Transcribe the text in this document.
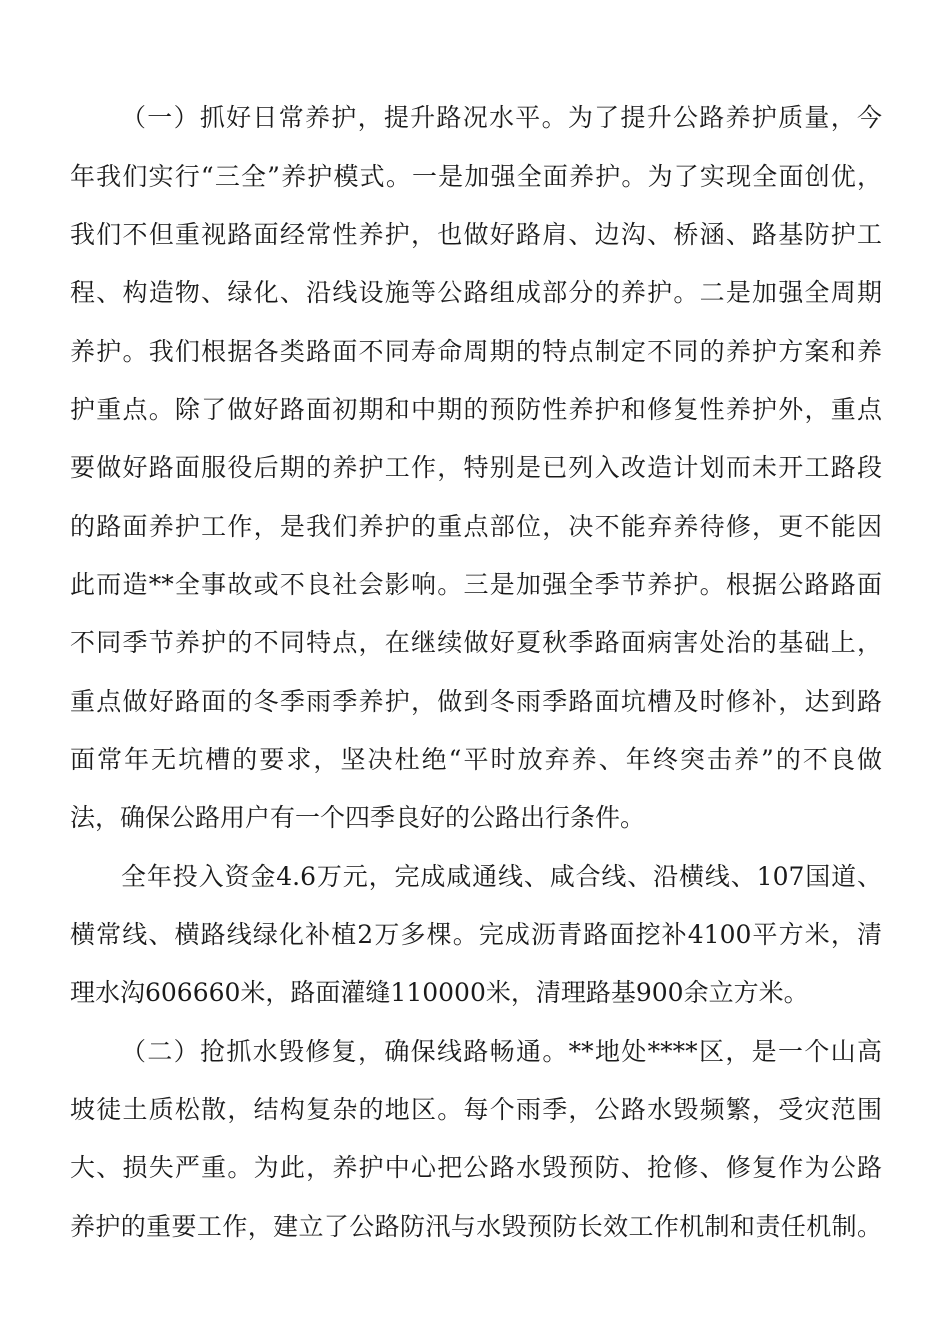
（一）抓好日常养护，提升路况水平。为了提升公路养护质量，今
年我们实行“三全”养护模式。一是加强全面养护。为了实现全面创优，
我们不但重视路面经常性养护，也做好路肩、边沟、桥涵、路基防护工
程、构造物、绿化、沿线设施等公路组成部分的养护。二是加强全周期
养护。我们根据各类路面不同寿命周期的特点制定不同的养护方案和养
护重点。除了做好路面初期和中期的预防性养护和修复性养护外，重点
要做好路面服役后期的养护工作，特别是已列入改造计划而未开工路段
的路面养护工作，是我们养护的重点部位，决不能弃养待修，更不能因
此而造**全事故或不良社会影响。三是加强全季节养护。根据公路路面
不同季节养护的不同特点，在继续做好夏秋季路面病害处治的基础上，
重点做好路面的冬季雨季养护，做到冬雨季路面坑槽及时修补，达到路
面常年无坑槽的要求，坚决杜绝“平时放弃养、年终突击养”的不良做
法，确保公路用户有一个四季良好的公路出行条件。
全年投入资金4.6万元，完成咸通线、咸合线、沿横线、107国道、
横常线、横路线绿化补植2万多棵。完成沥青路面挖补4100平方米，清
理水沟606660米，路面灌缝110000米，清理路基900余立方米。
（二）抢抓水毁修复，确保线路畅通。**地处****区，是一个山高
坡徒土质松散，结构复杂的地区。每个雨季，公路水毁频繁，受灾范围
大、损失严重。为此，养护中心把公路水毁预防、抢修、修复作为公路
养护的重要工作，建立了公路防汛与水毁预防长效工作机制和责任机制。
